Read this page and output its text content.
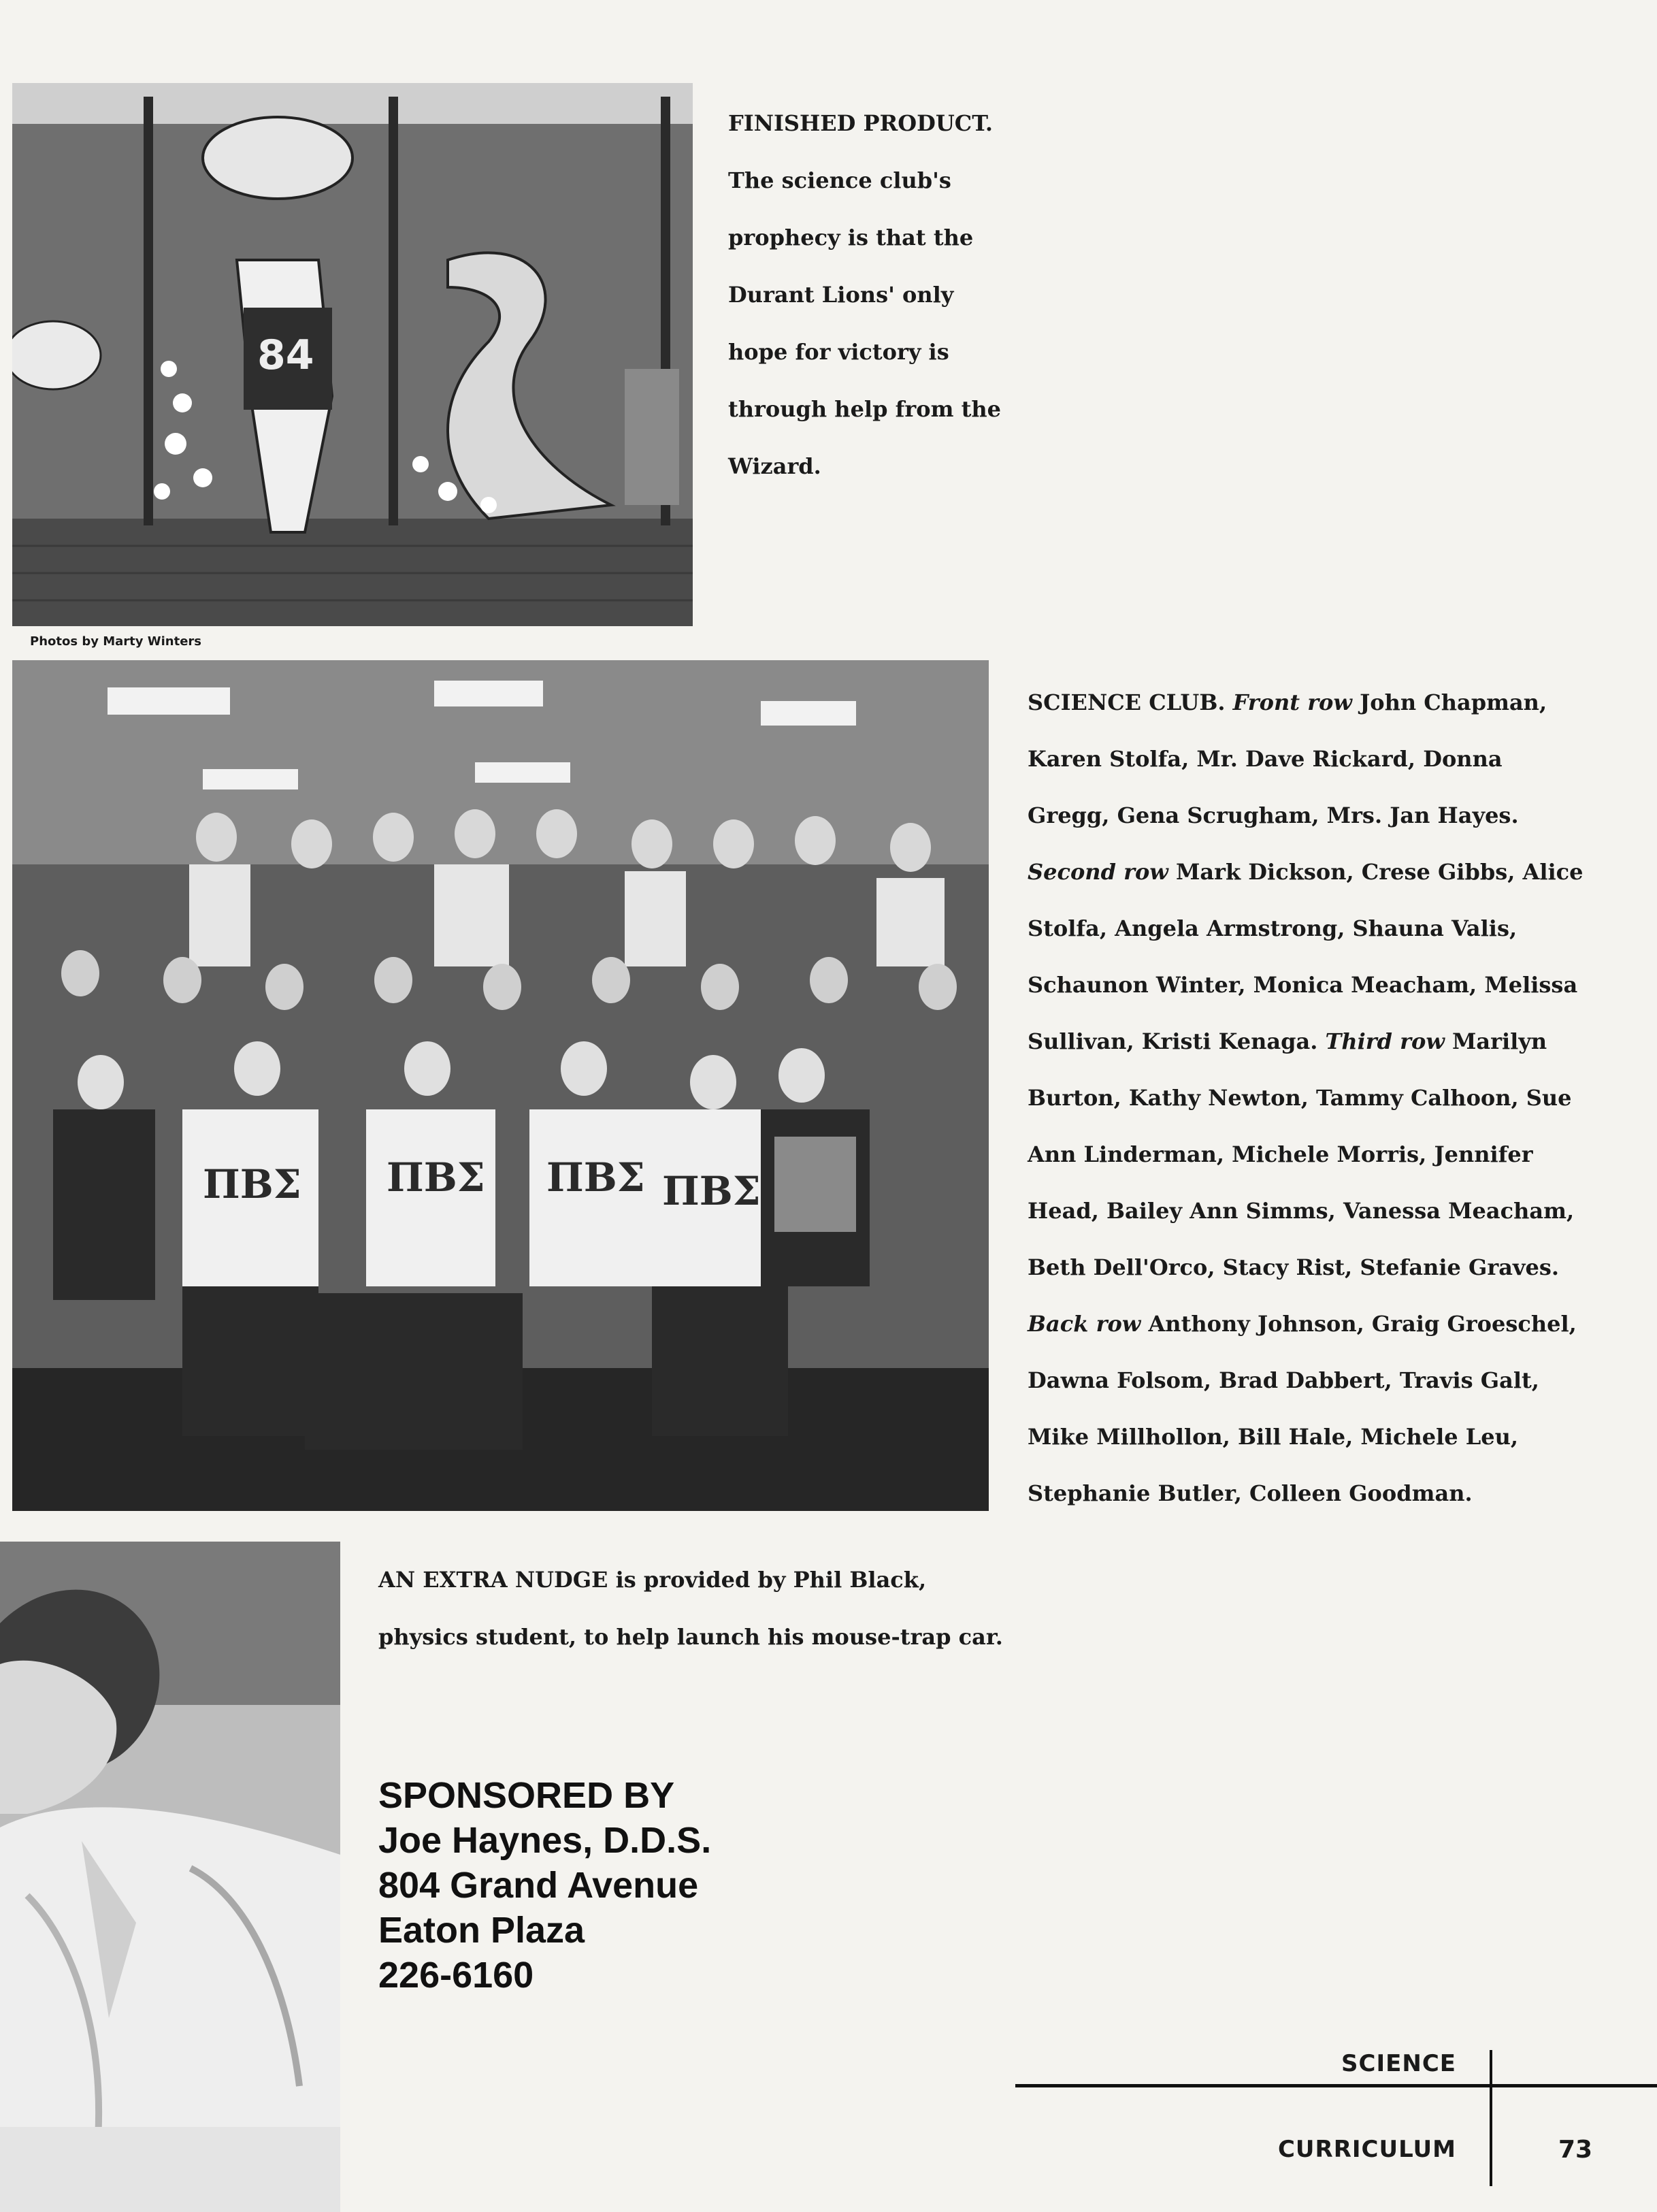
84

FINISHED PRODUCT.

The science club's

prophecy is that the

Durant Lions' only

hope for victory is

through help from the

Wizard.

Photos by Marty Winters
ΠΒΣ ΠΒΣ ΠΒΣ ΠΒΣ

SCIENCE CLUB. Front row John Chapman,

Karen Stolfa, Mr. Dave Rickard, Donna

Gregg, Gena Scrugham, Mrs. Jan Hayes.

Second row Mark Dickson, Crese Gibbs, Alice

Stolfa, Angela Armstrong, Shauna Valis,

Schaunon Winter, Monica Meacham, Melissa

Sullivan, Kristi Kenaga. Third row Marilyn

Burton, Kathy Newton, Tammy Calhoon, Sue

Ann Linderman, Michele Morris, Jennifer

Head, Bailey Ann Simms, Vanessa Meacham,

Beth Dell'Orco, Stacy Rist, Stefanie Graves.

Back row Anthony Johnson, Graig Groeschel,

Dawna Folsom, Brad Dabbert, Travis Galt,

Mike Millhollon, Bill Hale, Michele Leu,

Stephanie Butler, Colleen Goodman.

AN EXTRA NUDGE is provided by Phil Black,

physics student, to help launch his mouse-trap car.

SPONSORED BY
Joe Haynes, D.D.S.
804 Grand Avenue
Eaton Plaza
226-6160
SCIENCE
CURRICULUM	73
